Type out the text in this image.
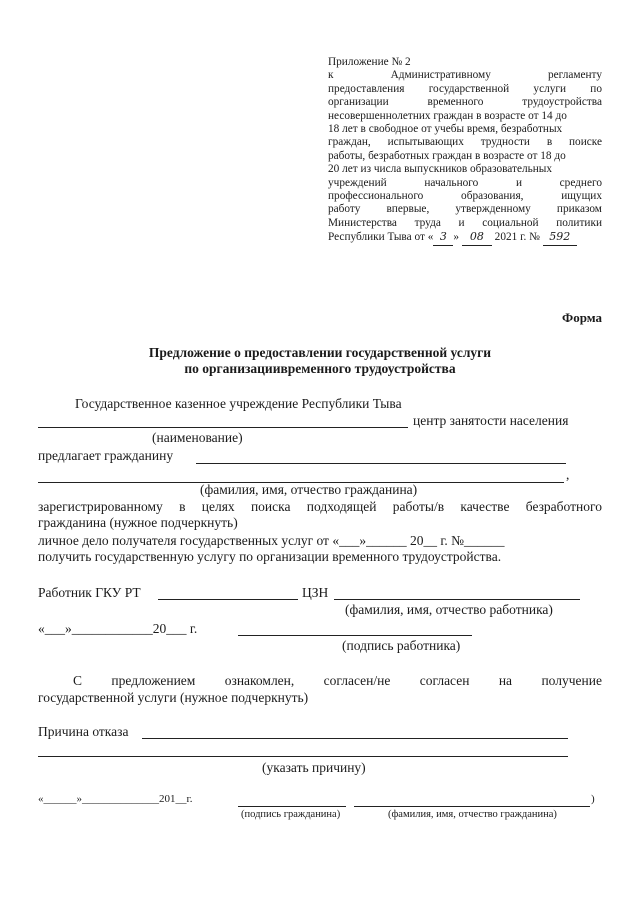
Приложение № 2
к	Административному	регламенту
предоставления государственной услуги по
организации	временного	трудоустройства
несовершеннолетних граждан в возрасте от 14 до
18 лет в свободное от учебы время, безработных
граждан, испытывающих трудности в поиске
работы, безработных граждан в возрасте от 18 до
20 лет из числа выпускников образовательных
учреждений	начального	и	среднего
профессионального	образования,	ищущих
работу впервые, утвержденному приказом
Министерства труда и социальной политики
Республики Тыва от « 3 » 08 2021 г. № 592
Форма
Предложение о предоставлении государственной услуги
по организациивременного трудоустройства
Государственное казенное учреждение Республики Тыва
центр занятости населения
(наименование)
предлагает гражданину
,
(фамилия, имя, отчество гражданина)
зарегистрированному в целях поиска подходящей работы/в качестве безработного
гражданина (нужное подчеркнуть)
личное дело получателя государственных услуг от «___»______ 20__ г. №______
получить государственную услугу по организации временного трудоустройства.
Работник ГКУ РТ	ЦЗН
(фамилия, имя, отчество работника)
«___»____________20___ г.
(подпись работника)
С предложением ознакомлен, согласен/не согласен на получение
государственной услуги (нужное подчеркнуть)
Причина отказа
(указать причину)
«______»______________201__г.	)
(подпись гражданина)	(фамилия, имя, отчество гражданина)
